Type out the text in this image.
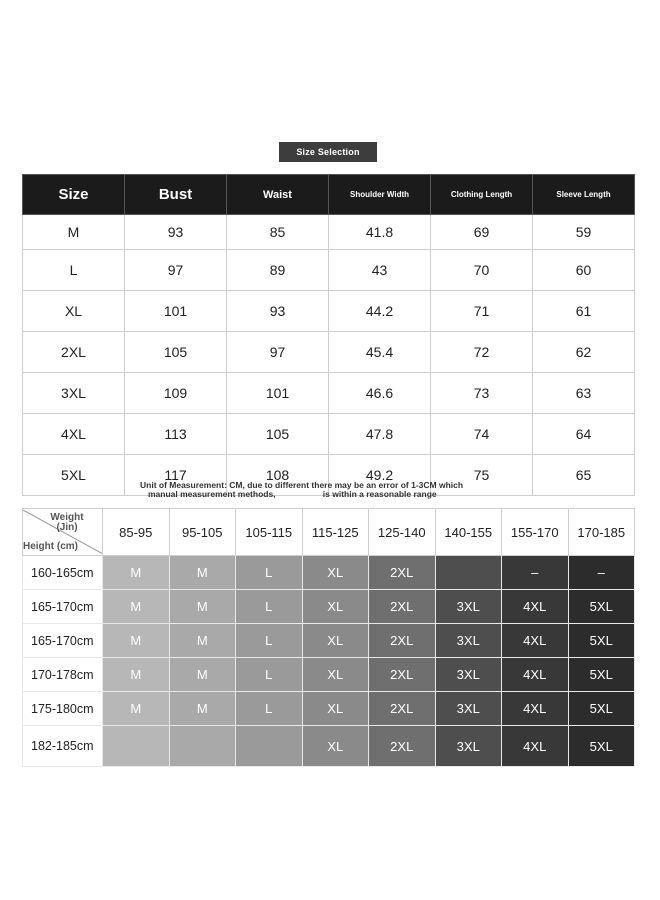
Size Selection
Size	Bust	Waist	Shoulder Width	Clothing Length	Sleeve Length
M	93	85	41.8	69	59
L	97	89	43	70	60
XL	101	93	44.2	71	61
2XL	105	97	45.4	72	62
3XL	109	101	46.6	73	63
4XL	113	105	47.8	74	64
5XL	117	108	49.2	75	65
Unit of Measurement: CM, due to different there may be an error of 1-3CM which
manual measurement methods,                    is within a reasonable range
Weight (Jin)
Height (cm)	85-95	95-105	105-115	115-125	125-140	140-155	155-170	170-185
160-165cm	M	M	L	XL	2XL		–	–
165-170cm	M	M	L	XL	2XL	3XL	4XL	5XL
165-170cm	M	M	L	XL	2XL	3XL	4XL	5XL
170-178cm	M	M	L	XL	2XL	3XL	4XL	5XL
175-180cm	M	M	L	XL	2XL	3XL	4XL	5XL
182-185cm				XL	2XL	3XL	4XL	5XL
